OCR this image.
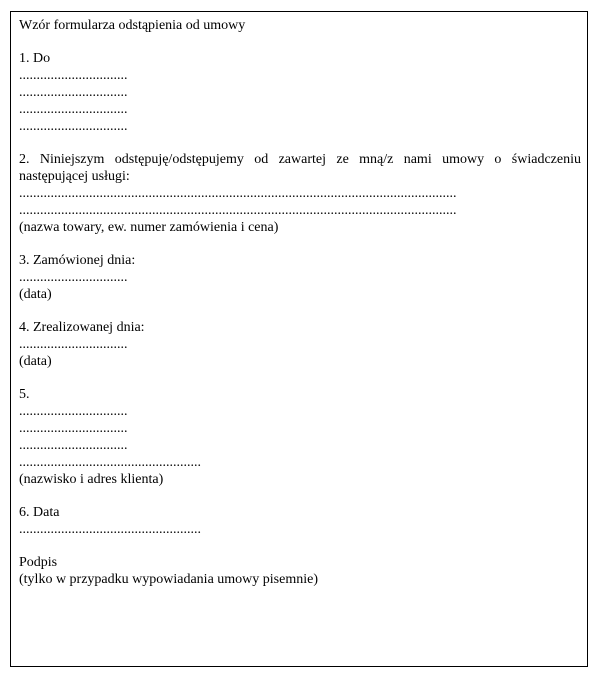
Wzór formularza odstąpienia od umowy
1. Do
...............................
...............................
...............................
...............................
2. Niniejszym odstępuję/odstępujemy od zawartej ze mną/z nami umowy o świadczeniu
następującej usługi:
.............................................................................................................................
.............................................................................................................................
(nazwa towary, ew. numer zamówienia i cena)
3. Zamówionej dnia:
...............................
(data)
4. Zrealizowanej dnia:
...............................
(data)
5.
...............................
...............................
...............................
....................................................
(nazwisko i adres klienta)
6. Data
....................................................
Podpis
(tylko w przypadku wypowiadania umowy pisemnie)
